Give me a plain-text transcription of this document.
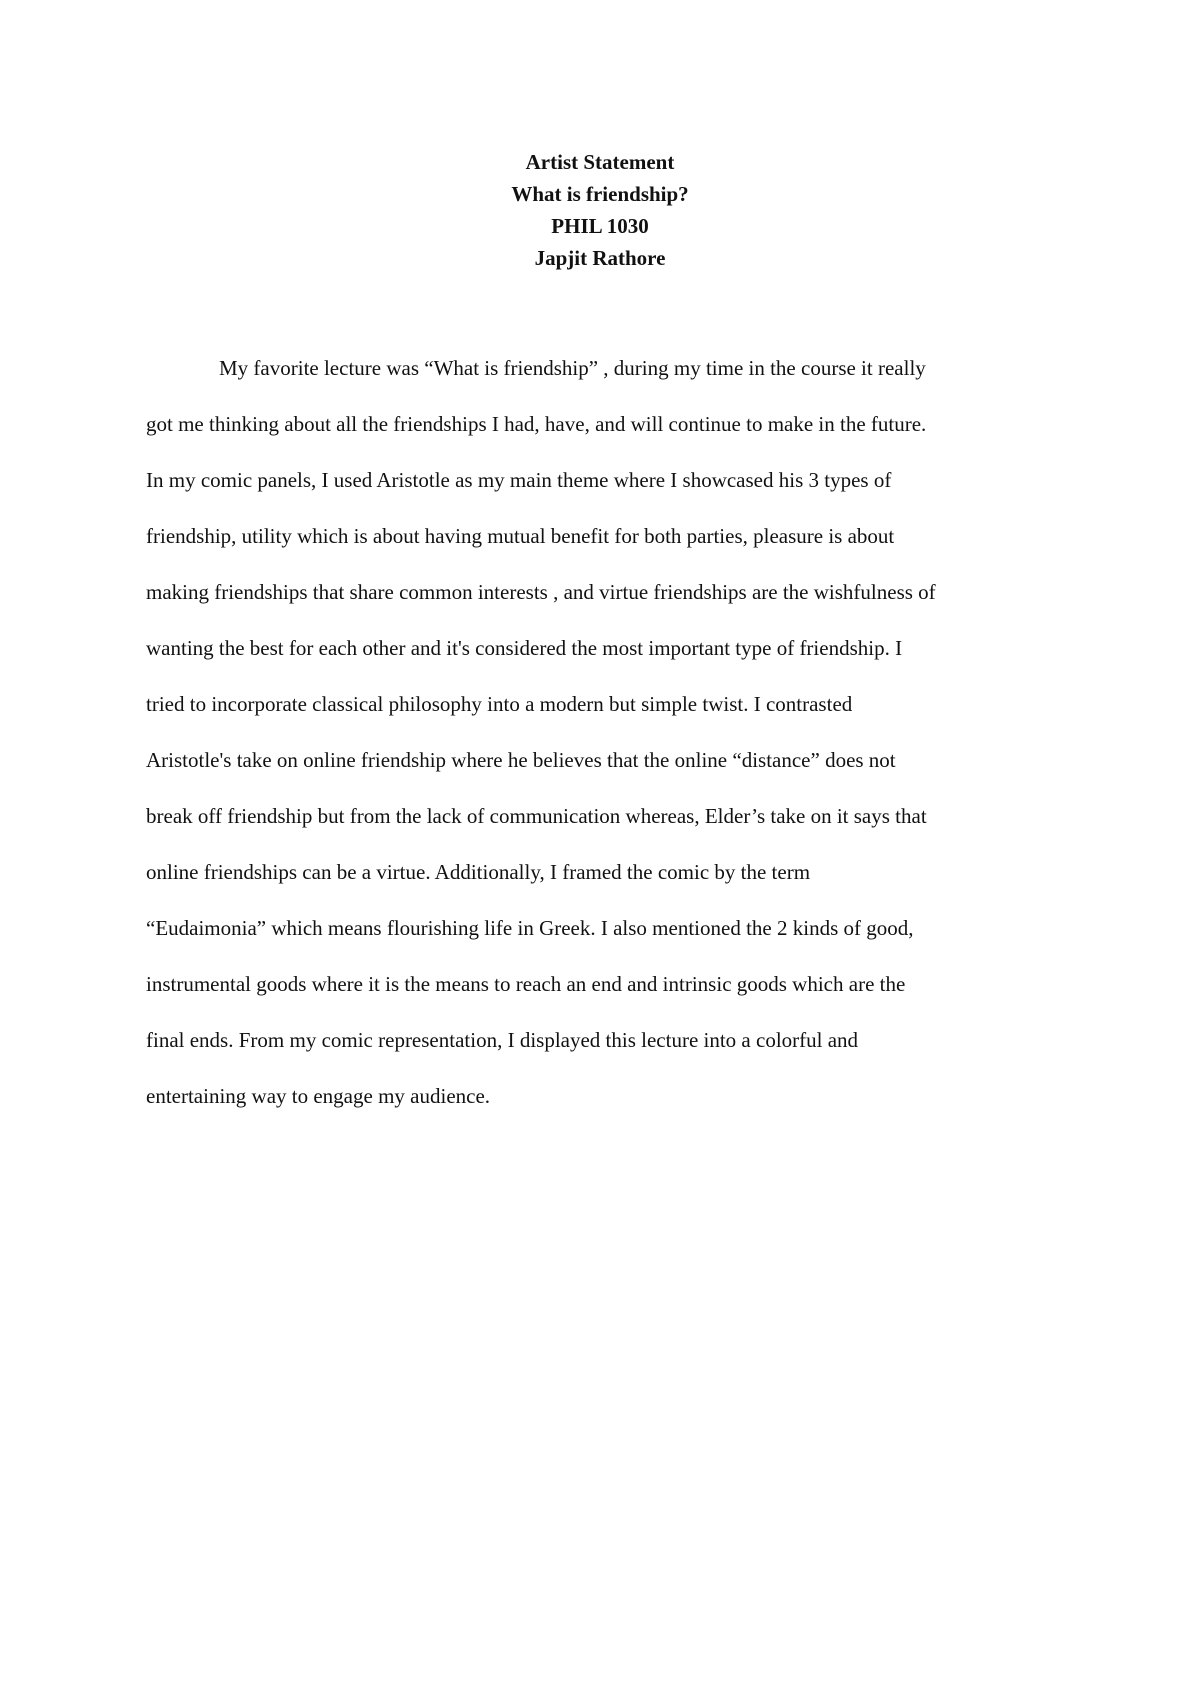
Artist Statement
What is friendship?
PHIL 1030
Japjit Rathore
My favorite lecture was “What is friendship” , during my time in the course it really
got me thinking about all the friendships I had, have, and will continue to make in the future.
In my comic panels, I used Aristotle as my main theme where I showcased his 3 types of
friendship, utility which is about having mutual benefit for both parties, pleasure is about
making friendships that share common interests , and virtue friendships are the wishfulness of
wanting the best for each other and it's considered the most important type of friendship. I
tried to incorporate classical philosophy into a modern but simple twist. I contrasted
Aristotle's take on online friendship where he believes that the online “distance” does not
break off friendship but from the lack of communication whereas, Elder’s take on it says that
online friendships can be a virtue. Additionally, I framed the comic by the term
“Eudaimonia” which means flourishing life in Greek. I also mentioned the 2 kinds of good,
instrumental goods where it is the means to reach an end and intrinsic goods which are the
final ends. From my comic representation, I displayed this lecture into a colorful and
entertaining way to engage my audience.
